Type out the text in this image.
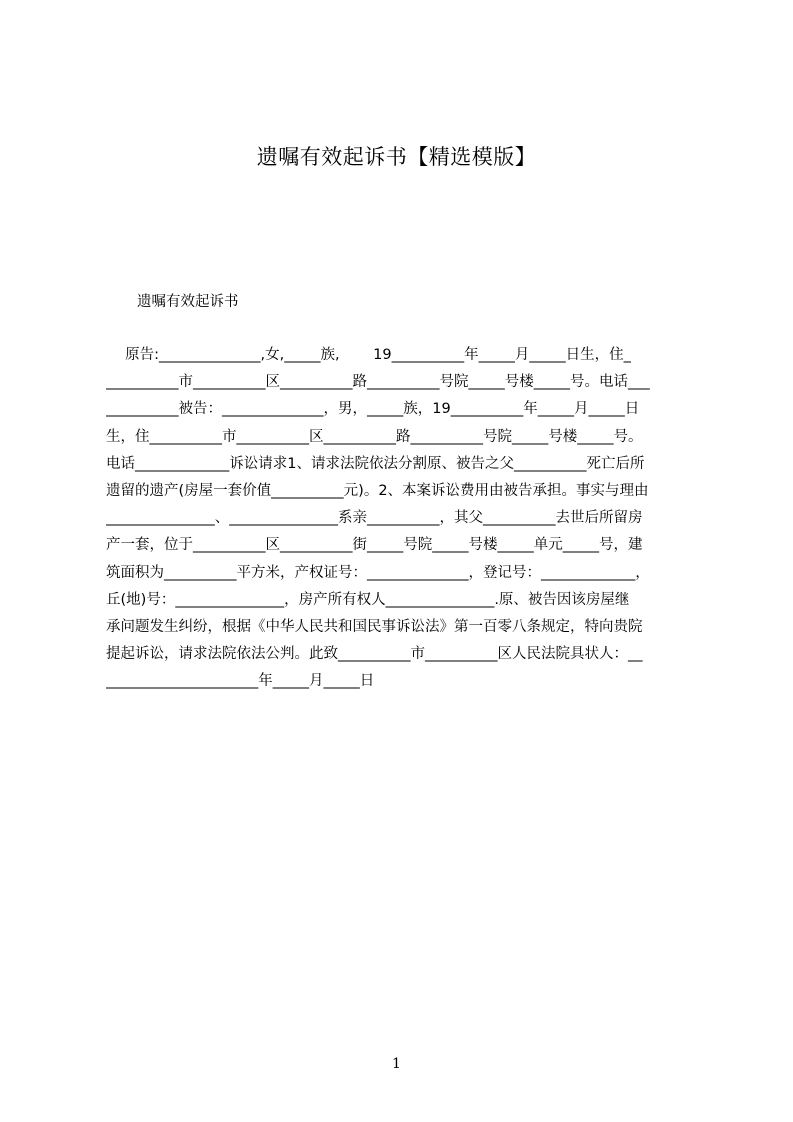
遗嘱有效起诉书【精选模版】
遗嘱有效起诉书
　 原告:______________,女,_____族,　　 19__________年_____月_____日生，住_
__________市__________区__________路__________号院_____号楼_____号。电话___
__________被告：______________，男，_____族，19__________年_____月_____日
生，住__________市__________区__________路__________号院_____号楼_____号。
电话_____________诉讼请求1、请求法院依法分割原、被告之父__________死亡后所
遗留的遗产(房屋一套价值__________元)。2、本案诉讼费用由被告承担。事实与理由
_______________、_______________系亲__________，其父__________去世后所留房
产一套，位于__________区__________街_____号院_____号楼_____单元_____号，建
筑面积为__________平方米，产权证号：______________，登记号：_____________，
丘(地)号：_______________，房产所有权人_______________.原、被告因该房屋继
承问题发生纠纷，根据《中华人民共和国民事诉讼法》第一百零八条规定，特向贵院
提起诉讼，请求法院依法公判。此致__________市__________区人民法院具状人：__
_____________________年_____月_____日
1
